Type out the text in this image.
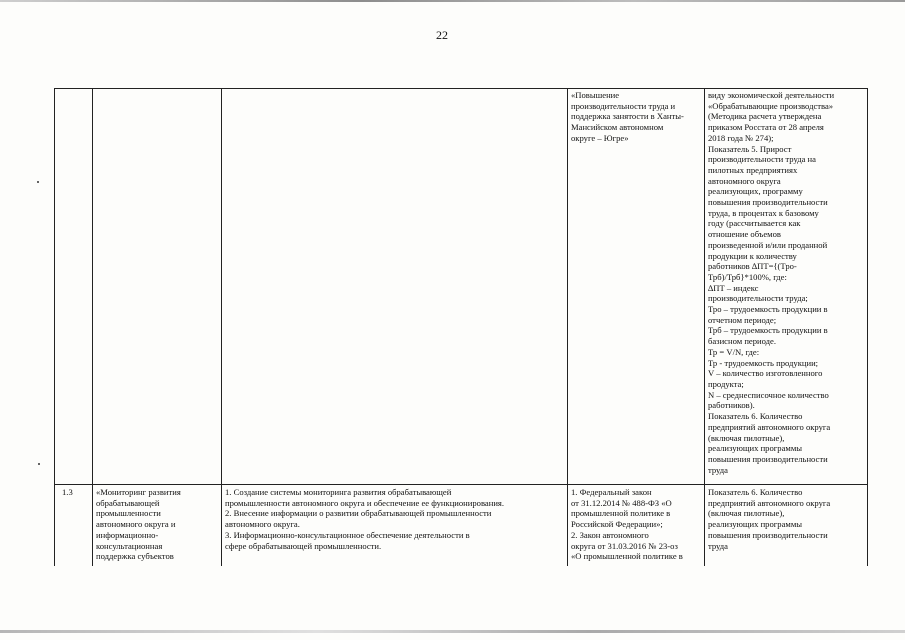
22
«Повышение
производительности труда и
поддержка занятости в Ханты-
Мансийском автономном
округе – Югре»
виду экономической деятельности
«Обрабатывающие производства»
(Методика расчета утверждена
приказом Росстата от 28 апреля
2018 года № 274);
Показатель 5. Прирост
производительности труда на
пилотных предприятиях
автономного округа
реализующих, программу
повышения производительности
труда, в процентах к базовому
году (рассчитывается как
отношение объемов
произведенной и/или проданной
продукции к количеству
работников ∆ПТ={(Тро-
Трб)/Трб}*100%, где:
∆ПТ – индекс
производительности труда;
Тро – трудоемкость продукции в
отчетном периоде;
Трб – трудоемкость продукции в
базисном периоде.
Тр = V/N, где:
Тр - трудоемкость продукции;
V – количество изготовленного
продукта;
N – среднесписочное количество
работников).
Показатель 6. Количество
предприятий автономного округа
(включая пилотные),
реализующих программы
повышения производительности
труда
1.3	«Мониторинг развития
обрабатывающей
промышленности
автономного округа и
информационно-
консультационная
поддержка субъектов
1. Создание системы мониторинга развития обрабатывающей
промышленности автономного округа и обеспечение ее функционирования.
2. Внесение информации о развитии обрабатывающей промышленности
автономного округа.
3. Информационно-консультационное обеспечение деятельности в
сфере обрабатывающей промышленности.
1. Федеральный закон
от 31.12.2014 № 488-ФЗ «О
промышленной политике в
Российской Федерации»;
2. Закон автономного
округа от 31.03.2016 № 23-оз
«О промышленной политике в
Показатель 6. Количество
предприятий автономного округа
(включая пилотные),
реализующих программы
повышения производительности
труда
